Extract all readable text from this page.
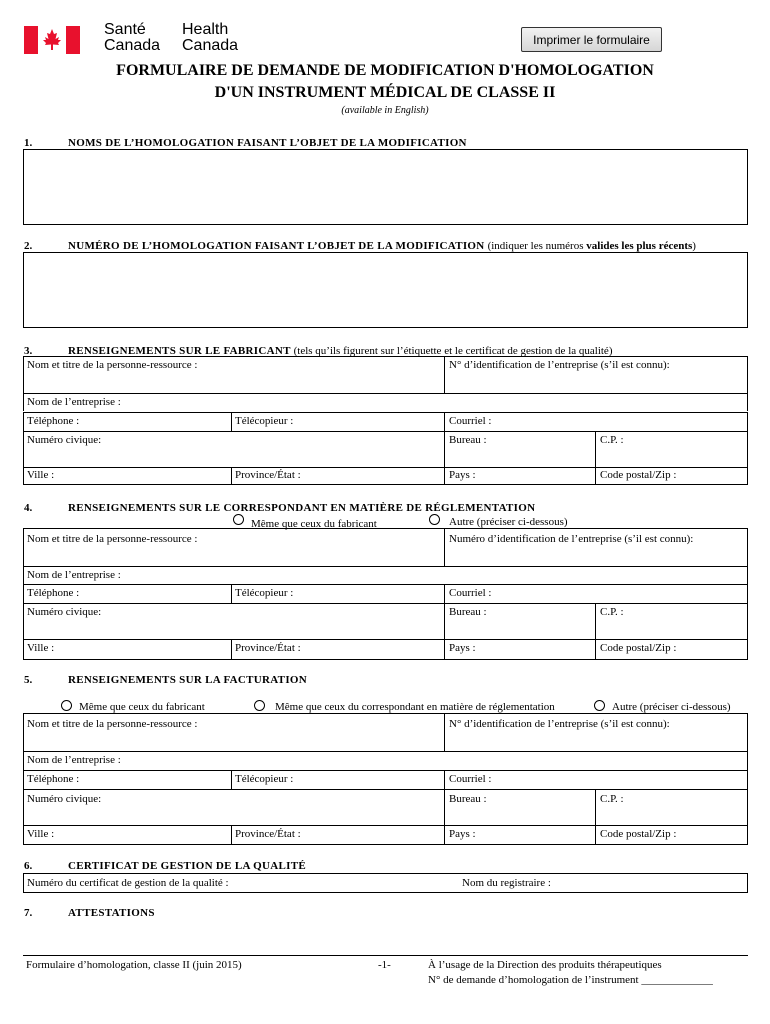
Santé
Canada
Health
Canada	Imprimer le formulaire
FORMULAIRE DE DEMANDE DE MODIFICATION D'HOMOLOGATION
D'UN INSTRUMENT MÉDICAL DE CLASSE II
(available in English)
1.	NOMS DE L’HOMOLOGATION FAISANT L’OBJET DE LA MODIFICATION
2.	NUMÉRO DE L’HOMOLOGATION FAISANT L’OBJET DE LA MODIFICATION (indiquer les numéros valides les plus récents)
3.	RENSEIGNEMENTS SUR LE FABRICANT (tels qu’ils figurent sur l’étiquette et le certificat de gestion de la qualité)
Nom et titre de la personne-ressource :	N° d’identification de l’entreprise (s’il est connu):
Nom de l’entreprise :
Téléphone :	Télécopieur :	Courriel :
Numéro civique:	Bureau :	C.P. :
Ville :	Province/État :	Pays :	Code postal/Zip :
4.	RENSEIGNEMENTS SUR LE CORRESPONDANT EN MATIÈRE DE RÉGLEMENTATION
Même que ceux du fabricant	Autre (préciser ci-dessous)
Nom et titre de la personne-ressource :	Numéro d’identification de l’entreprise (s’il est connu):
Nom de l’entreprise :
Téléphone :	Télécopieur :	Courriel :
Numéro civique:	Bureau :	C.P. :
Ville :	Province/État :	Pays :	Code postal/Zip :
5.	RENSEIGNEMENTS SUR LA FACTURATION
Même que ceux du fabricant	Même que ceux du correspondant en matière de réglementation	Autre (préciser ci-dessous)
Nom et titre de la personne-ressource :	N° d’identification de l’entreprise (s’il est connu):
Nom de l’entreprise :
Téléphone :	Télécopieur :	Courriel :
Numéro civique:	Bureau :	C.P. :
Ville :	Province/État :	Pays :	Code postal/Zip :
6.	CERTIFICAT DE GESTION DE LA QUALITÉ
Numéro du certificat de gestion de la qualité :	Nom du registraire :
7.	ATTESTATIONS
Formulaire d’homologation, classe II (juin 2015)	-1-	À l’usage de la Direction des produits thérapeutiques
N° de demande d’homologation de l’instrument _____________
